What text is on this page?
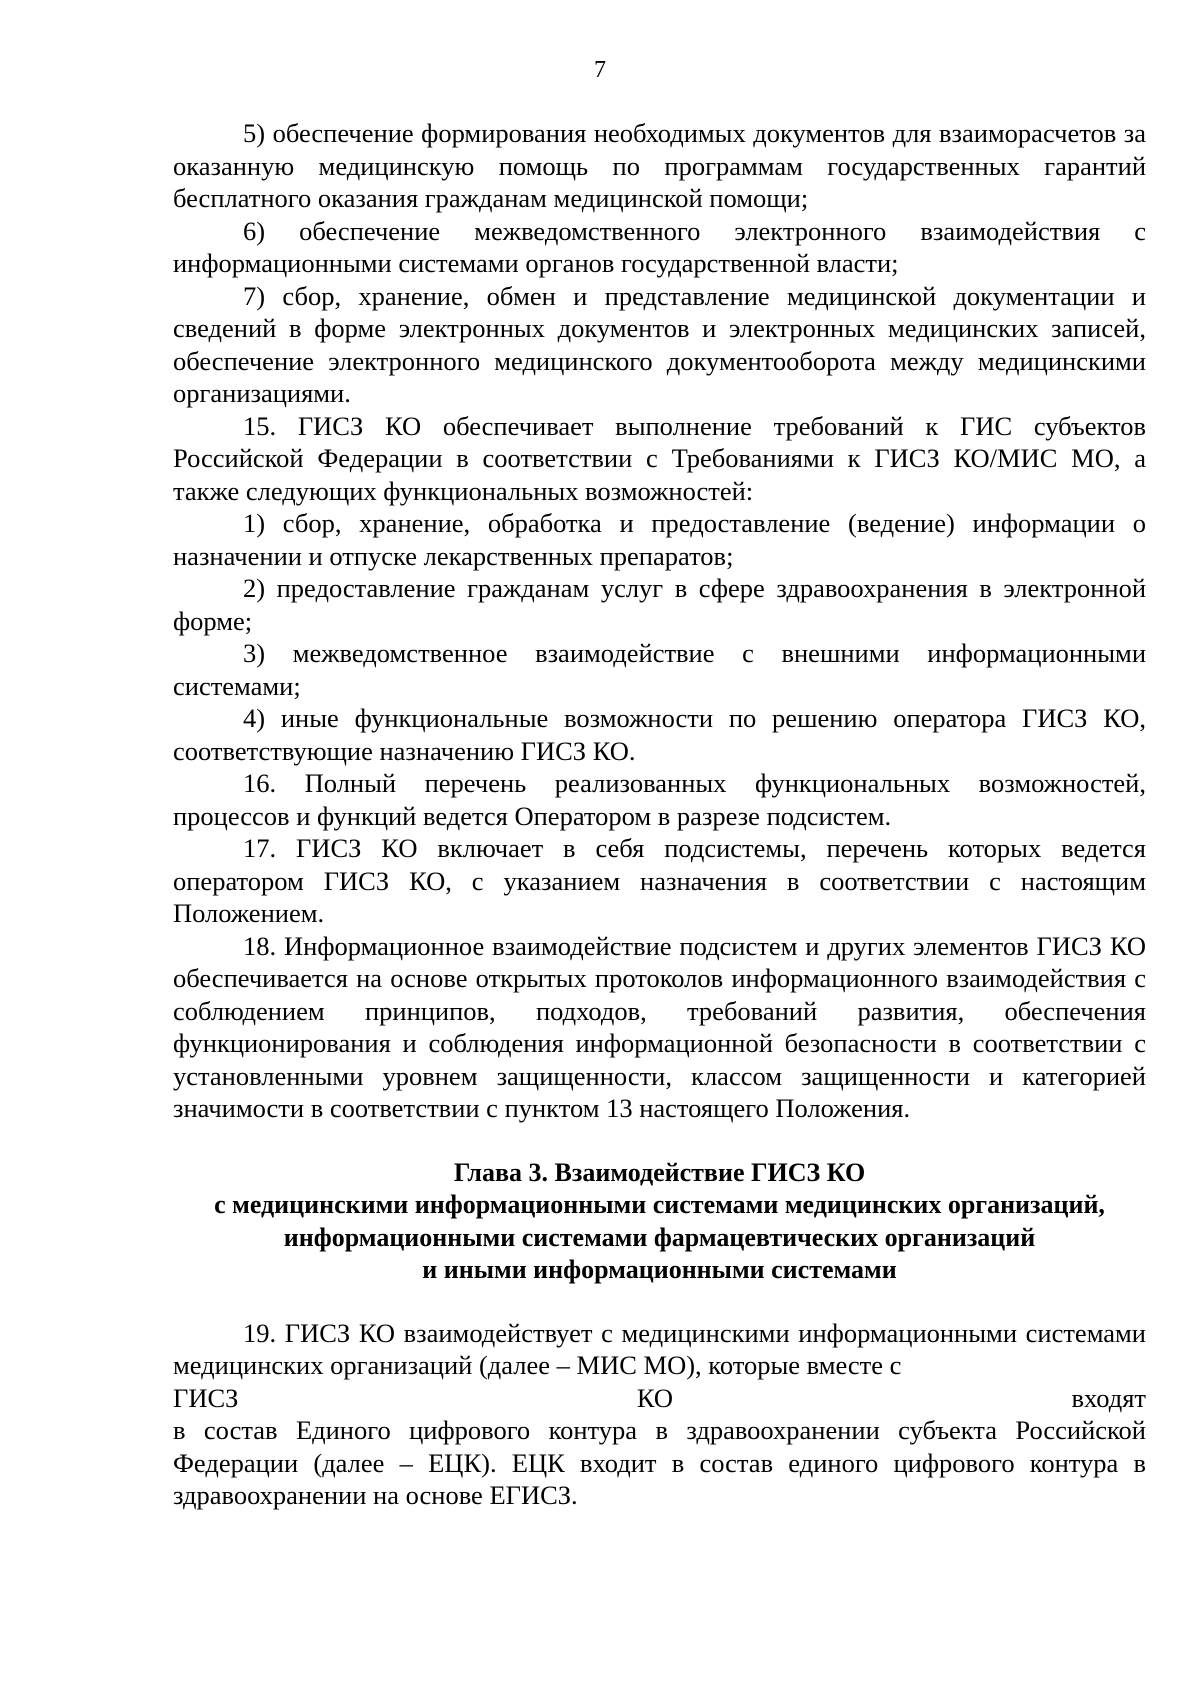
7

5) обеспечение формирования необходимых документов для взаиморасчетов за оказанную медицинскую помощь по программам государственных гарантий бесплатного оказания гражданам медицинской помощи;

6) обеспечение межведомственного электронного взаимодействия с информационными системами органов государственной власти;

7) сбор, хранение, обмен и представление медицинской документации и сведений в форме электронных документов и электронных медицинских записей, обеспечение электронного медицинского документооборота между медицинскими организациями.

15. ГИСЗ КО обеспечивает выполнение требований к ГИС субъектов Российской Федерации в соответствии с Требованиями к ГИСЗ КО/МИС МО, а также следующих функциональных возможностей:

1) сбор, хранение, обработка и предоставление (ведение) информации о назначении и отпуске лекарственных препаратов;

2) предоставление гражданам услуг в сфере здравоохранения в электронной форме;

3) межведомственное взаимодействие с внешними информационными системами;

4) иные функциональные возможности по решению оператора ГИСЗ КО, соответствующие назначению ГИСЗ КО.

16. Полный перечень реализованных функциональных возможностей, процессов и функций ведется Оператором в разрезе подсистем.

17. ГИСЗ КО включает в себя подсистемы, перечень которых ведется оператором ГИСЗ КО, с указанием назначения в соответствии с настоящим Положением.

18. Информационное взаимодействие подсистем и других элементов ГИСЗ КО обеспечивается на основе открытых протоколов информационного взаимодействия с соблюдением принципов, подходов, требований развития, обеспечения функционирования и соблюдения информационной безопасности в соответствии с установленными уровнем защищенности, классом защищенности и категорией значимости в соответствии с пунктом 13 настоящего Положения.

Глава 3. Взаимодействие ГИСЗ КО
с медицинскими информационными системами медицинских организаций,
информационными системами фармацевтических организаций
и иными информационными системами

19. ГИСЗ КО взаимодействует с медицинскими информационными системами медицинских организаций (далее – МИС МО), которые вместе с
ГИСЗ КО входят
в состав Единого цифрового контура в здравоохранении субъекта Российской Федерации (далее – ЕЦК). ЕЦК входит в состав единого цифрового контура в здравоохранении на основе ЕГИСЗ.
